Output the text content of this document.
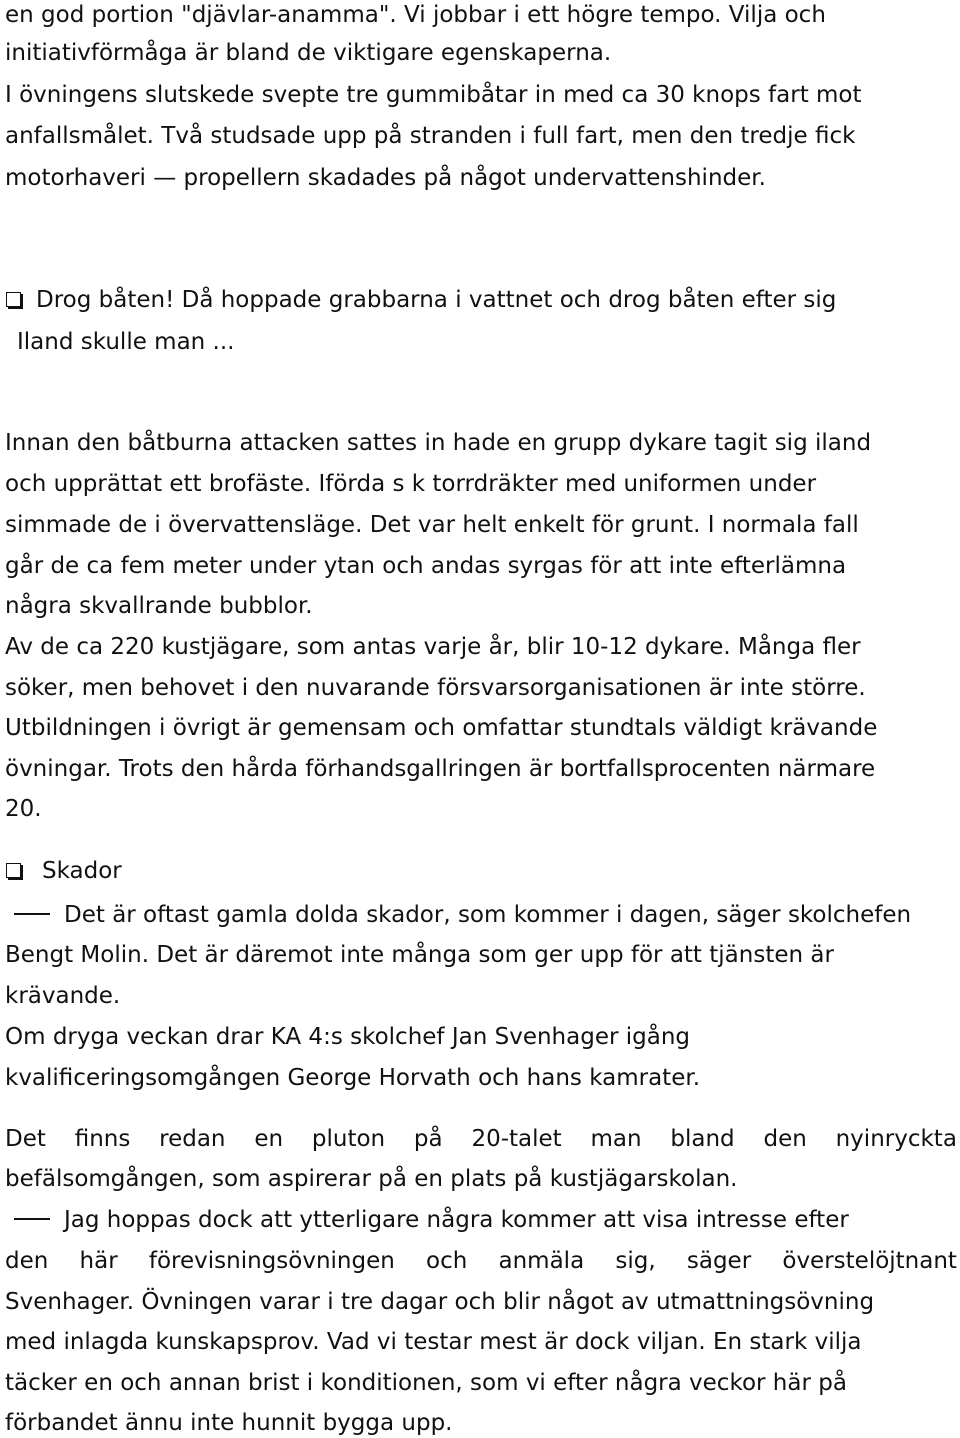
en god portion "djävlar-anamma". Vi jobbar i ett högre tempo. Vilja och
initiativförmåga är bland de viktigare egenskaperna.
I övningens slutskede svepte tre gummibåtar in med ca 30 knops fart mot
anfallsmålet. Två studsade upp på stranden i full fart, men den tredje fick
motorhaveri — propellern skadades på något undervattenshinder.
Drog båten! Då hoppade grabbarna i vattnet och drog båten efter sig
Iland skulle man ...
Innan den båtburna attacken sattes in hade en grupp dykare tagit sig iland
och upprättat ett brofäste. Iförda s k torrdräkter med uniformen under
simmade de i övervattensläge. Det var helt enkelt för grunt. I normala fall
går de ca fem meter under ytan och andas syrgas för att inte efterlämna
några skvallrande bubblor.
Av de ca 220 kustjägare, som antas varje år, blir 10-12 dykare. Många fler
söker, men behovet i den nuvarande försvarsorganisationen är inte större.
Utbildningen i övrigt är gemensam och omfattar stundtals väldigt krävande
övningar. Trots den hårda förhandsgallringen är bortfallsprocenten närmare
20.
Skador
Det är oftast gamla dolda skador, som kommer i dagen, säger skolchefen
Bengt Molin. Det är däremot inte många som ger upp för att tjänsten är
krävande.
Om dryga veckan drar KA 4:s skolchef Jan Svenhager igång
kvalificeringsomgången George Horvath och hans kamrater.
Det finns redan en pluton på 20-talet man bland den nyinryckta
befälsomgången, som aspirerar på en plats på kustjägarskolan.
Jag hoppas dock att ytterligare några kommer att visa intresse efter
den här förevisningsövningen och anmäla sig, säger överstelöjtnant
Svenhager. Övningen varar i tre dagar och blir något av utmattningsövning
med inlagda kunskapsprov. Vad vi testar mest är dock viljan. En stark vilja
täcker en och annan brist i konditionen, som vi efter några veckor här på
förbandet ännu inte hunnit bygga upp.
